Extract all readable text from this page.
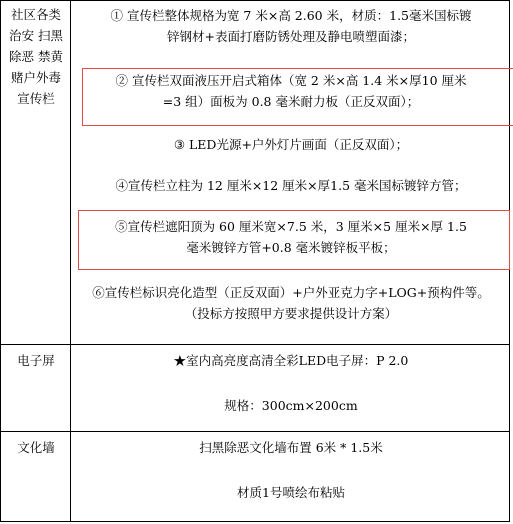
社区各类
治安 扫黑
除恶 禁黄
赌户外毒
宣传栏
① 宣传栏整体规格为宽 7 米×高 2.60 米，材质：1.5毫米国标镀
锌钢材+表面打磨防锈处理及静电喷塑面漆；
② 宣传栏双面液压开启式箱体（宽 2 米×高 1.4 米×厚10 厘米
=3 组）面板为 0.8 毫米耐力板（正反双面）；
③ LED光源+户外灯片画面（正反双面）；
④宣传栏立柱为 12 厘米×12 厘米×厚1.5 毫米国标镀锌方管；
⑤宣传栏遮阳顶为 60 厘米宽×7.5 米，3 厘米×5 厘米×厚 1.5
毫米镀锌方管+0.8 毫米镀锌板平板；
⑥宣传栏标识亮化造型（正反双面）+户外亚克力字+LOG+预构件等。
（投标方按照甲方要求提供设计方案）
电子屏	★室内高亮度高清全彩LED电子屏：P 2.0
规格：300cm×200cm
文化墙	扫黑除恶文化墙布置 6米 * 1.5米
材质1号喷绘布粘贴
